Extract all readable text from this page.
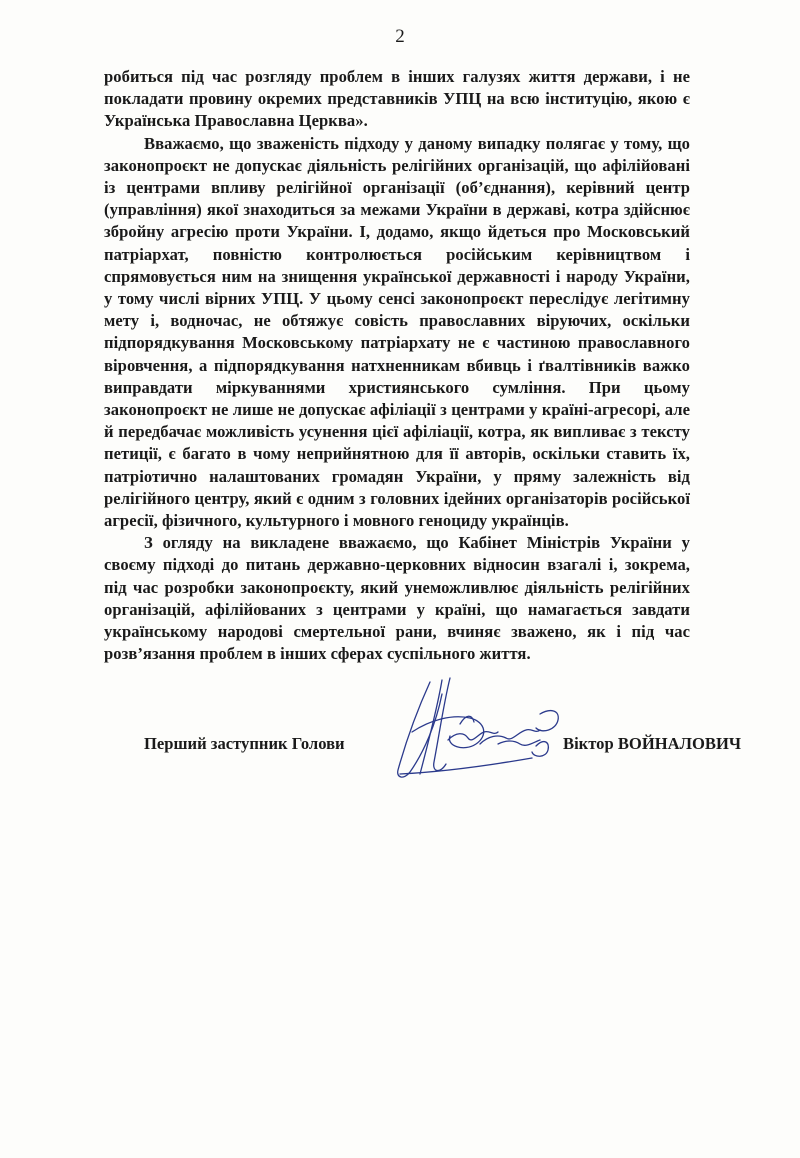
2

робиться під час розгляду проблем в інших галузях життя держави, і не покладати провину окремих представників УПЦ на всю інституцію, якою є Українська Православна Церква».

Вважаємо, що зваженість підходу у даному випадку полягає у тому, що законопроєкт не допускає діяльність релігійних організацій, що афілійовані із центрами впливу релігійної організації (об’єднання), керівний центр (управління) якої знаходиться за межами України в державі, котра здійснює збройну агресію проти України. І, додамо, якщо йдеться про Московський патріархат, повністю контролюється російським керівництвом і спрямовується ним на знищення української державності і народу України, у тому числі вірних УПЦ. У цьому сенсі законопроєкт переслідує легітимну мету і, водночас, не обтяжує совість православних віруючих, оскільки підпорядкування Московському патріархату не є частиною православного віровчення, а підпорядкування натхненникам вбивць і ґвалтівників важко виправдати міркуваннями християнського сумління. При цьому законопроєкт не лише не допускає афіліації з центрами у країні-агресорі, але й передбачає можливість усунення цієї афіліації, котра, як випливає з тексту петиції, є багато в чому неприйнятною для її авторів, оскільки ставить їх, патріотично налаштованих громадян України, у пряму залежність від релігійного центру, який є одним з головних ідейних організаторів російської агресії, фізичного, культурного і мовного геноциду українців.

З огляду на викладене вважаємо, що Кабінет Міністрів України у своєму підході до питань державно-церковних відносин взагалі і, зокрема, під час розробки законопроєкту, який унеможливлює діяльність релігійних організацій, афілійованих з центрами у країні, що намагається завдати українському народові смертельної рани, вчиняє зважено, як і під час розв’язання проблем в інших сферах суспільного життя.

Перший заступник Голови	Віктор ВОЙНАЛОВИЧ
